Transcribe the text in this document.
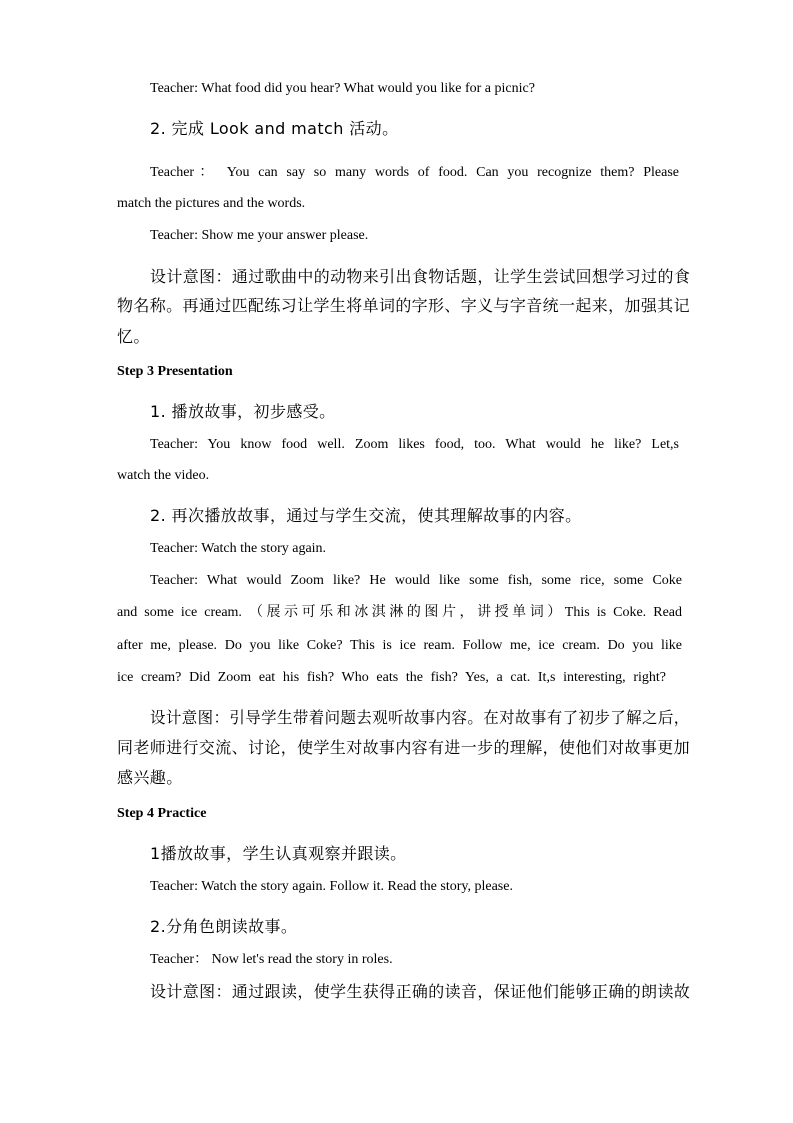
Teacher: What food did you hear? What would you like for a picnic?

2. 完成 Look and match 活动。

Teacher： You can say so many words of food. Can you recognize them? Please

match the pictures and the words.

Teacher: Show me your answer please.

设计意图：通过歌曲中的动物来引出食物话题，让学生尝试回想学习过的食

物名称。再通过匹配练习让学生将单词的字形、字义与字音统一起来，加强其记

忆。

Step 3 Presentation

1. 播放故事，初步感受。

Teacher: You know food well. Zoom likes food, too. What would he like? Let,s

watch the video.

2. 再次播放故事，通过与学生交流，使其理解故事的内容。

Teacher: Watch the story again.

Teacher: What would Zoom like? He would like some fish, some rice, some Coke

and some ice cream. （展示可乐和冰淇淋的图片，讲授单词）This is Coke. Read

after me, please. Do you like Coke? This is ice ream. Follow me, ice cream. Do you like

ice cream? Did Zoom eat his fish? Who eats the fish? Yes, a cat. It,s interesting, right?

设计意图：引导学生带着问题去观听故事内容。在对故事有了初步了解之后，

同老师进行交流、讨论，使学生对故事内容有进一步的理解，使他们对故事更加

感兴趣。

Step 4 Practice

1播放故事，学生认真观察并跟读。

Teacher: Watch the story again. Follow it. Read the story, please.

2.分角色朗读故事。

Teacher： Now let's read the story in roles.

设计意图：通过跟读，使学生获得正确的读音，保证他们能够正确的朗读故
